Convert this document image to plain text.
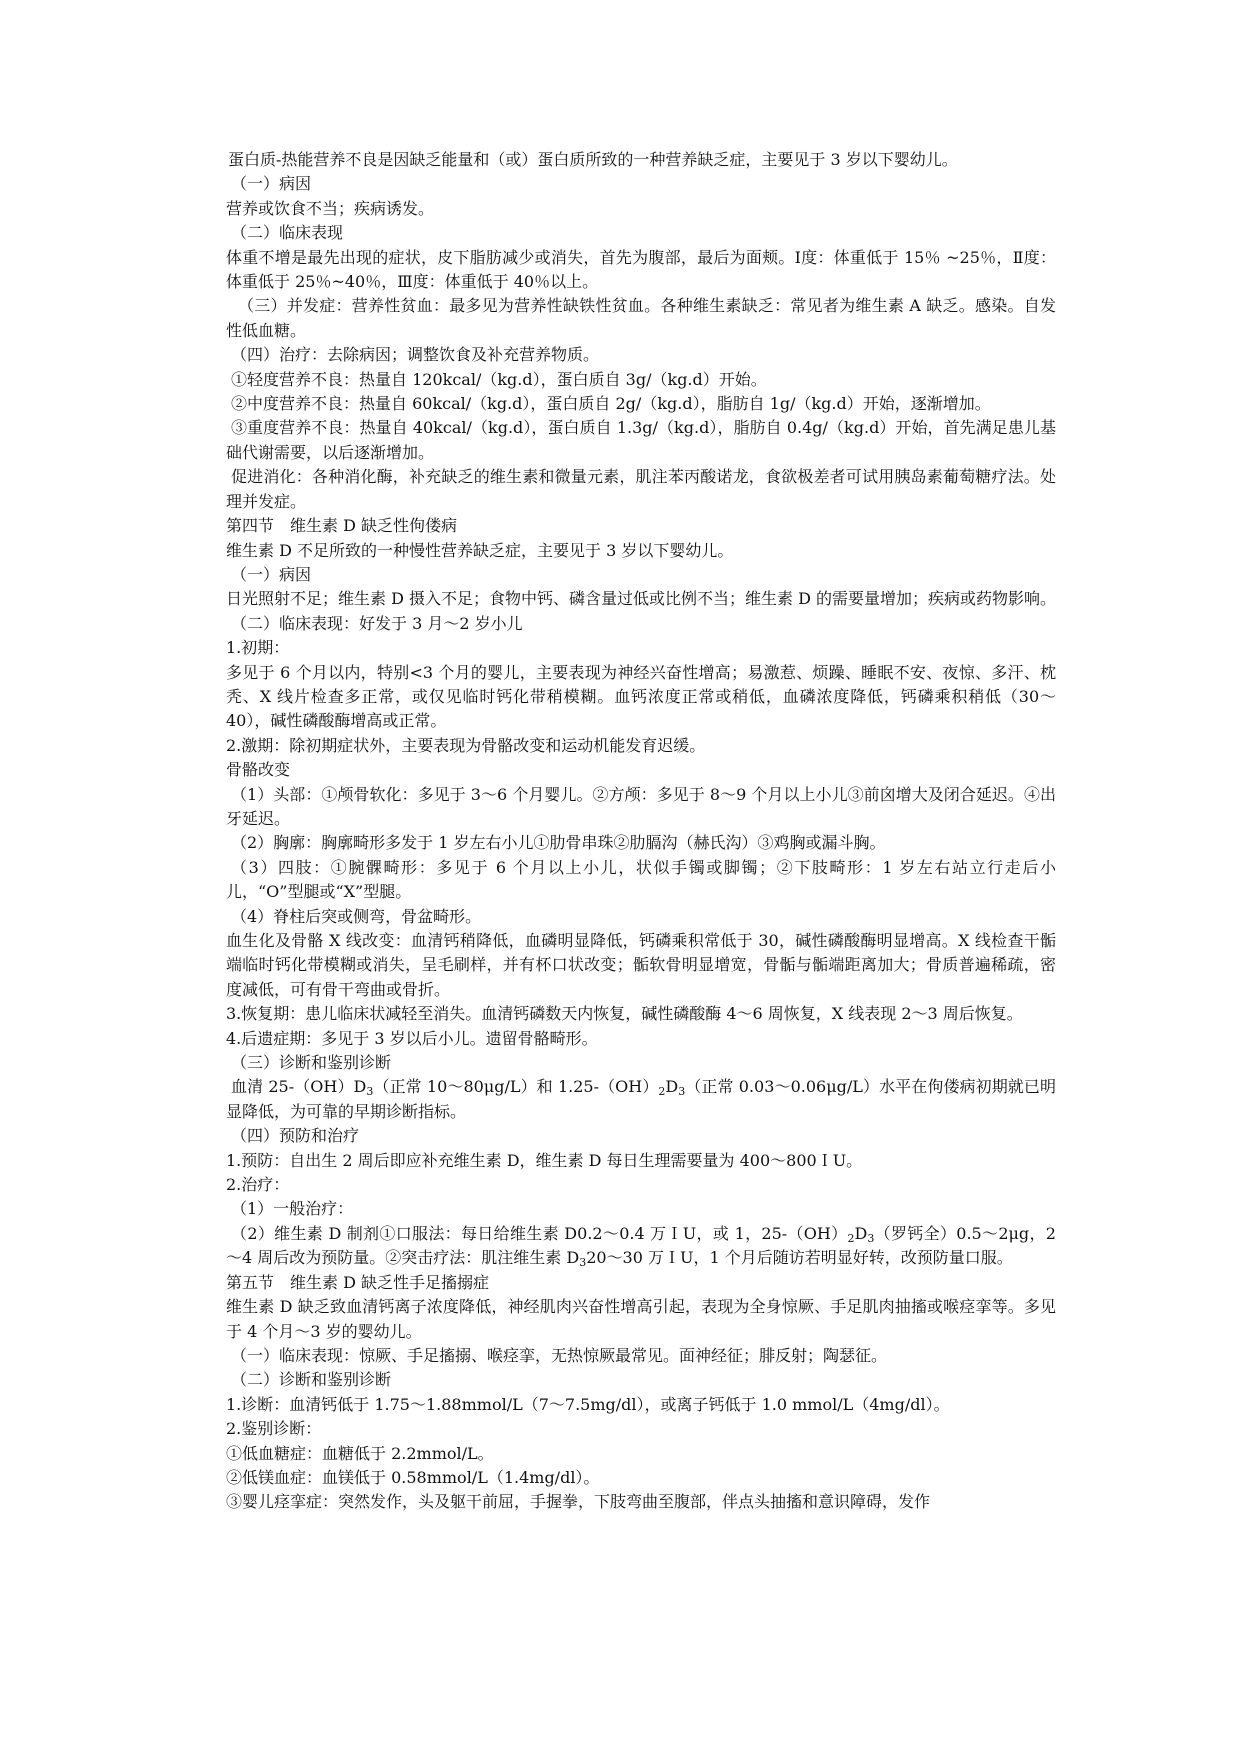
蛋白质-热能营养不良是因缺乏能量和（或）蛋白质所致的一种营养缺乏症，主要见于 3 岁以下婴幼儿。

（一）病因

营养或饮食不当；疾病诱发。

（二）临床表现

体重不增是最先出现的症状，皮下脂肪减少或消失，首先为腹部，最后为面颊。Ⅰ度：体重低于 15％ ~25％，Ⅱ度：体重低于 25％~40％，Ⅲ度：体重低于 40％以上。

（三）并发症：营养性贫血：最多见为营养性缺铁性贫血。各种维生素缺乏：常见者为维生素 A 缺乏。感染。自发性低血糖。

（四）治疗：去除病因；调整饮食及补充营养物质。

①轻度营养不良：热量自 120kcal/（kg.d），蛋白质自 3g/（kg.d）开始。

②中度营养不良：热量自 60kcal/（kg.d），蛋白质自 2g/（kg.d），脂肪自 1g/（kg.d）开始，逐渐增加。

③重度营养不良：热量自 40kcal/（kg.d），蛋白质自 1.3g/（kg.d），脂肪自 0.4g/（kg.d）开始，首先满足患儿基础代谢需要，以后逐渐增加。

促进消化：各种消化酶，补充缺乏的维生素和微量元素，肌注苯丙酸诺龙，食欲极差者可试用胰岛素葡萄糖疗法。处理并发症。

第四节　维生素 D 缺乏性佝偻病

维生素 D 不足所致的一种慢性营养缺乏症，主要见于 3 岁以下婴幼儿。

（一）病因

日光照射不足；维生素 D 摄入不足；食物中钙、磷含量过低或比例不当；维生素 D 的需要量增加；疾病或药物影响。

（二）临床表现：好发于 3 月～2 岁小儿

1.初期：

多见于 6 个月以内，特别<3 个月的婴儿，主要表现为神经兴奋性增高；易激惹、烦躁、睡眠不安、夜惊、多汗、枕秃、X 线片检查多正常，或仅见临时钙化带稍模糊。血钙浓度正常或稍低，血磷浓度降低，钙磷乘积稍低（30～40），碱性磷酸酶增高或正常。

2.激期：除初期症状外，主要表现为骨骼改变和运动机能发育迟缓。

骨骼改变

（1）头部：①颅骨软化：多见于 3～6 个月婴儿。②方颅：多见于 8～9 个月以上小儿③前囟增大及闭合延迟。④出牙延迟。

（2）胸廓：胸廓畸形多发于 1 岁左右小儿①肋骨串珠②肋膈沟（赫氏沟）③鸡胸或漏斗胸。

（3）四肢：①腕髁畸形：多见于 6 个月以上小儿，状似手镯或脚镯；②下肢畸形：1 岁左右站立行走后小儿，“O”型腿或“X”型腿。

（4）脊柱后突或侧弯，骨盆畸形。

血生化及骨骼 X 线改变：血清钙稍降低，血磷明显降低，钙磷乘积常低于 30，碱性磷酸酶明显增高。X 线检查干骺端临时钙化带模糊或消失，呈毛刷样，并有杯口状改变；骺软骨明显增宽，骨骺与骺端距离加大；骨质普遍稀疏，密度减低，可有骨干弯曲或骨折。

3.恢复期：患儿临床状减轻至消失。血清钙磷数天内恢复，碱性磷酸酶 4～6 周恢复，X 线表现 2～3 周后恢复。

4.后遗症期：多见于 3 岁以后小儿。遗留骨骼畸形。

（三）诊断和鉴别诊断

血清 $25-(OH)D_3$（正常 10～80μg/L）和 $1.25-(OH)_2D_3$（正常 0.03～0.06μg/L）水平在佝偻病初期就已明显降低，为可靠的早期诊断指标。

（四）预防和治疗

1.预防：自出生 2 周后即应补充维生素 D，维生素 D 每日生理需要量为 400～800ＩU。

2.治疗：

（1）一般治疗：

（2）维生素 D 制剂①口服法：每日给维生素 D0.2～0.4 万ＩU，或 1，$25-(OH)_2D_3$（罗钙全）0.5～2μg，2～4 周后改为预防量。②突击疗法：肌注维生素 $D_320\sim 30$ 万ＩU，1 个月后随访若明显好转，改预防量口服。

第五节　维生素 D 缺乏性手足搐搦症

维生素 D 缺乏致血清钙离子浓度降低，神经肌肉兴奋性增高引起，表现为全身惊厥、手足肌肉抽搐或喉痉挛等。多见于 4 个月～3 岁的婴幼儿。

（一）临床表现：惊厥、手足搐搦、喉痉挛，无热惊厥最常见。面神经征；腓反射；陶瑟征。

（二）诊断和鉴别诊断

1.诊断：血清钙低于 1.75～1.88mmol/L（7～7.5mg/dl），或离子钙低于 1.0 mmol/L（4mg/dl）。

2.鉴别诊断：

①低血糖症：血糖低于 2.2mmol/L。

②低镁血症：血镁低于 0.58mmol/L（1.4mg/dl）。

③婴儿痉挛症：突然发作，头及躯干前屈，手握拳，下肢弯曲至腹部，伴点头抽搐和意识障碍，发作
